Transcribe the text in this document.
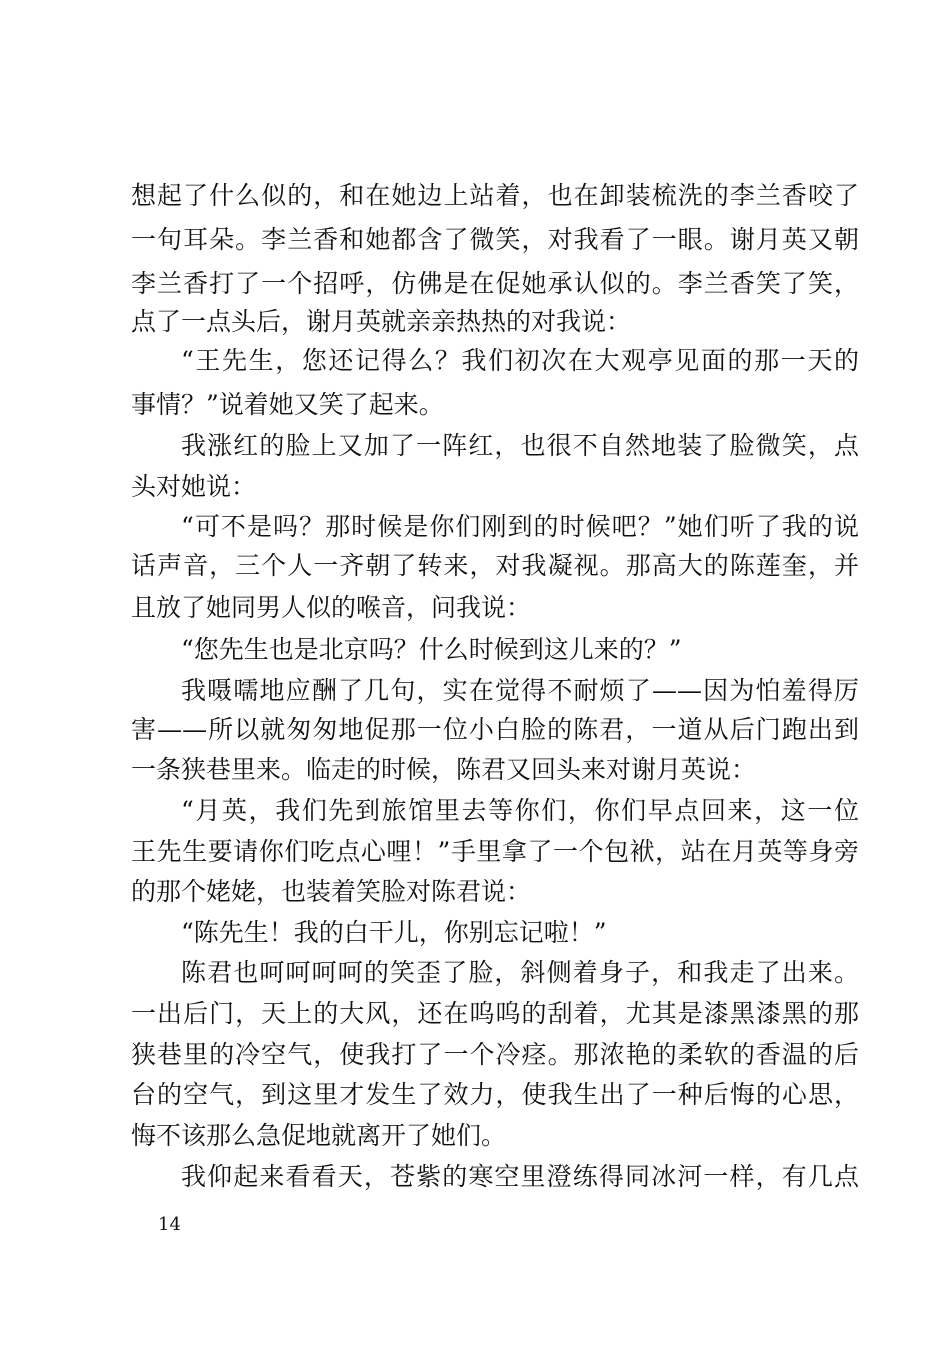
想起了什么似的，和在她边上站着，也在卸装梳洗的李兰香咬了
一句耳朵。李兰香和她都含了微笑，对我看了一眼。谢月英又朝
李兰香打了一个招呼，仿佛是在促她承认似的。李兰香笑了笑，
点了一点头后，谢月英就亲亲热热的对我说：
“王先生，您还记得么？我们初次在大观亭见面的那一天的
事情？”说着她又笑了起来。
我涨红的脸上又加了一阵红，也很不自然地装了脸微笑，点
头对她说：
“可不是吗？那时候是你们刚到的时候吧？”她们听了我的说
话声音，三个人一齐朝了转来，对我凝视。那高大的陈莲奎，并
且放了她同男人似的喉音，问我说：
“您先生也是北京吗？什么时候到这儿来的？”
我嗫嚅地应酬了几句，实在觉得不耐烦了——因为怕羞得厉
害——所以就匆匆地促那一位小白脸的陈君，一道从后门跑出到
一条狭巷里来。临走的时候，陈君又回头来对谢月英说：
“月英，我们先到旅馆里去等你们，你们早点回来，这一位
王先生要请你们吃点心哩！”手里拿了一个包袱，站在月英等身旁
的那个姥姥，也装着笑脸对陈君说：
“陈先生！我的白干儿，你别忘记啦！”
陈君也呵呵呵呵的笑歪了脸，斜侧着身子，和我走了出来。
一出后门，天上的大风，还在呜呜的刮着，尤其是漆黑漆黑的那
狭巷里的冷空气，使我打了一个冷痉。那浓艳的柔软的香温的后
台的空气，到这里才发生了效力，使我生出了一种后悔的心思，
悔不该那么急促地就离开了她们。
我仰起来看看天，苍紫的寒空里澄练得同冰河一样，有几点
14
